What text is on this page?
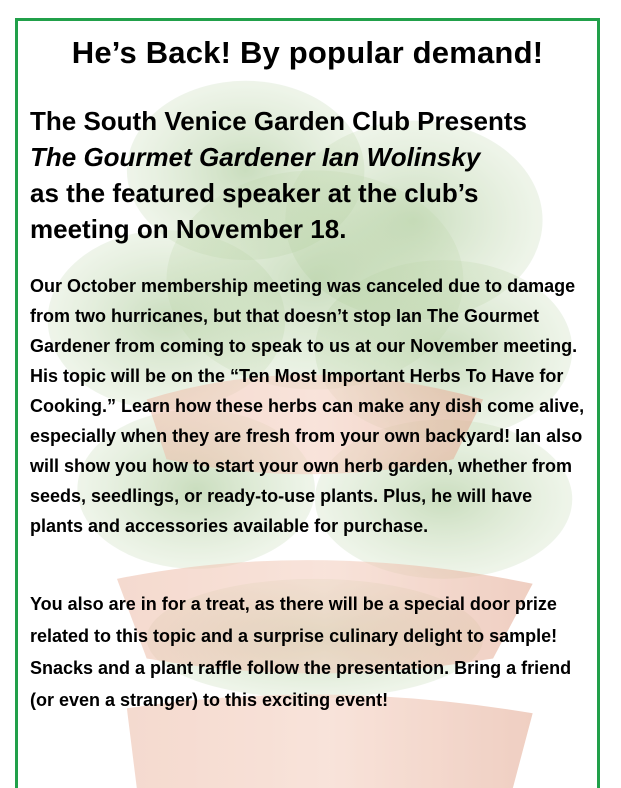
He’s Back! By popular demand!
The South Venice Garden Club Presents
The Gourmet Gardener Ian Wolinsky
as the featured speaker at the club’s
meeting on November 18.
Our October membership meeting was canceled due to damage from two hurricanes, but that doesn’t stop Ian The Gourmet Gardener from coming to speak to us at our November meeting. His topic will be on the “Ten Most Important Herbs To Have for Cooking.” Learn how these herbs can make any dish come alive, especially when they are fresh from your own backyard! Ian also will show you how to start your own herb garden, whether from seeds, seedlings, or ready-to-use plants. Plus, he will have plants and accessories available for purchase.
You also are in for a treat, as there will be a special door prize related to this topic and a surprise culinary delight to sample! Snacks and a plant raffle follow the presentation. Bring a friend (or even a stranger) to this exciting event!
